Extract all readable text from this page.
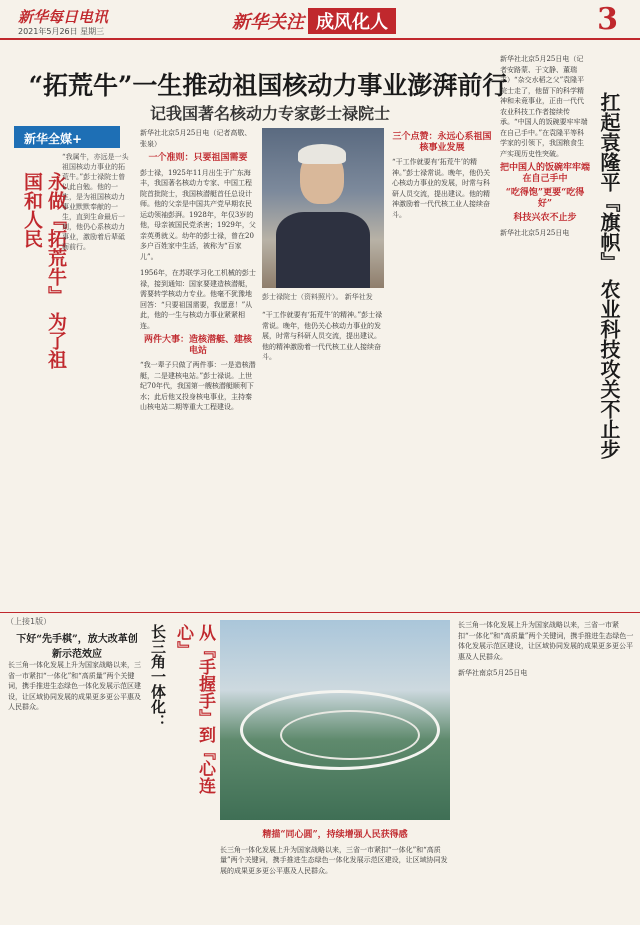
新华每日电讯
2021年5月26日 星期三	新华关注 成风化人	3
“拓荒牛”一生推动祖国核动力事业澎湃前行
记我国著名核动力专家彭士禄院士
新华全媒+
永做『拓荒牛』 为了祖国和人民
“我属牛，亦远是一头祖国核动力事业的拓荒牛。”彭士禄院士曾以此自勉。他的一生，是为祖国核动力事业默默奉献的一生，直到生命最后一刻，他仍心系核动力事业，激励着后辈砥砺前行。
彭士禄院士（资料照片）。 新华社发

新华社北京5月25日电（记者高敬、张泉）

一个准则：只要祖国需要

彭士禄，1925年11月出生于广东海丰，我国著名核动力专家、中国工程院首批院士，我国核潜艇首任总设计师。他的父亲是中国共产党早期农民运动领袖彭湃。1928年，年仅3岁的他，母亲被国民党杀害；1929年，父亲英勇就义。幼年的彭士禄，曾在20多户百姓家中生活，被称为“百家儿”。

1956年，在苏联学习化工机械的彭士禄，接到通知：国家要建造核潜艇，需要转学核动力专业。他毫不犹豫地回答：“只要祖国需要，我愿意！”从此，他的一生与核动力事业紧紧相连。

两件大事：造核潜艇、建核电站

“我一辈子只做了两件事：一是造核潜艇，二是建核电站。”彭士禄说。上世纪70年代，我国第一艘核潜艇顺利下水；此后他又投身核电事业，主持秦山核电站二期等重大工程建设。

“干工作就要有‘拓荒牛’的精神。”彭士禄常说。晚年，他仍关心核动力事业的发展，时常与科研人员交流，提出建议。他的精神激励着一代代核工业人接续奋斗。

三个点赞：永远心系祖国核事业发展

“干工作就要有‘拓荒牛’的精神。”彭士禄常说。晚年，他仍关心核动力事业的发展，时常与科研人员交流，提出建议。他的精神激励着一代代核工业人接续奋斗。	扛起袁隆平『旗帜』 农业科技攻关不止步

新华社北京5月25日电（记者安路蒙、于文静、董瑞丰）“杂交水稻之父”袁隆平院士走了，他留下的科学精神和未竟事业，正由一代代农业科技工作者接续传承。“中国人的饭碗要牢牢端在自己手中。”在袁隆平等科学家的引领下，我国粮食生产实现历史性突破。

把中国人的饭碗牢牢端在自己手中
“吃得饱”更要“吃得好”
科技兴农不止步

新华社北京5月25日电

（上接1版）
下好“先手棋”，放大改革创新示范效应

长三角一体化发展上升为国家战略以来，三省一市紧扣“一体化”和“高质量”两个关键词，携手推进生态绿色一体化发展示范区建设，让区域协同发展的成果更多更公平惠及人民群众。	长三角一体化：	从『手握手』到『心连心』
精描“同心圆”，持续增强人民获得感

长三角一体化发展上升为国家战略以来，三省一市紧扣“一体化”和“高质量”两个关键词，携手推进生态绿色一体化发展示范区建设，让区域协同发展的成果更多更公平惠及人民群众。

长三角一体化发展上升为国家战略以来，三省一市紧扣“一体化”和“高质量”两个关键词，携手推进生态绿色一体化发展示范区建设，让区域协同发展的成果更多更公平惠及人民群众。

新华社南京5月25日电
